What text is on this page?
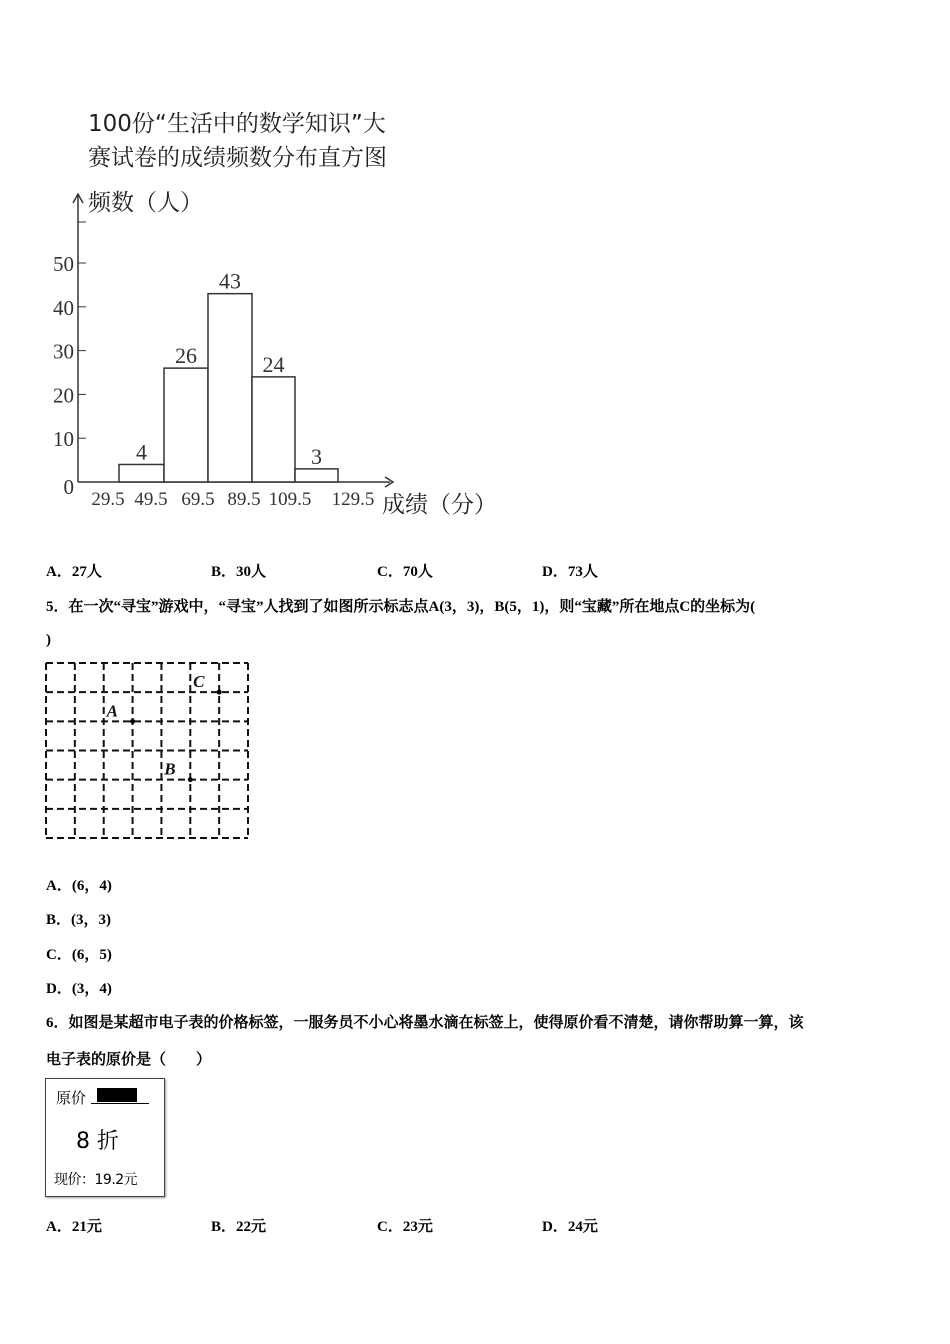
100份“生活中的数学知识”大
赛试卷的成绩频数分布直方图
频数（人）
成绩（分）
0
10
20
30
40
50
4
26
43
24
3
29.5 49.5 69.5 89.5 109.5 129.5
A．27人	B．30人	C．70人	D．73人
5．在一次“寻宝”游戏中，“寻宝”人找到了如图所示标志点A(3，3)，B(5，1)，则“宝藏”所在地点C的坐标为(
)
A
B
C
A．(6，4)
B．(3，3)
C．(6，5)
D．(3，4)
6．如图是某超市电子表的价格标签，一服务员不小心将墨水滴在标签上，使得原价看不清楚，请你帮助算一算，该
电子表的原价是（　　）
原价
8 折
现价：19.2元
A．21元	B．22元	C．23元	D．24元
